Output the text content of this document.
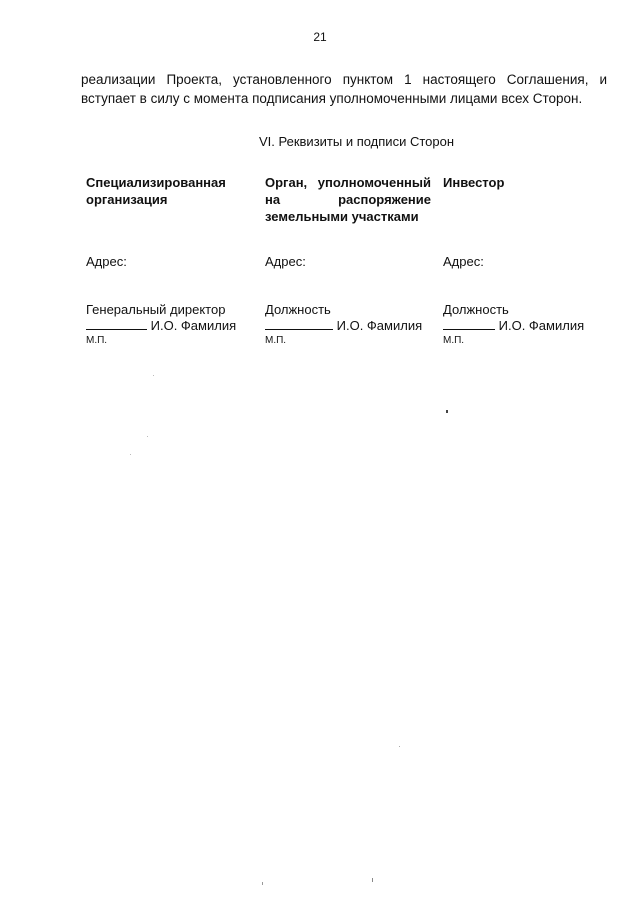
21
реализации Проекта, установленного пунктом 1 настоящего Соглашения, и вступает в силу с момента подписания уполномоченными лицами всех Сторон.
VI. Реквизиты и подписи Сторон
Специализированная организация
Адрес:
Генеральный директор
И.О. Фамилия
М.П.
Орган, уполномоченный на распоряжение земельными участками
Адрес:
Должность
И.О. Фамилия
М.П.
Инвестор
Адрес:
Должность
И.О. Фамилия
М.П.
